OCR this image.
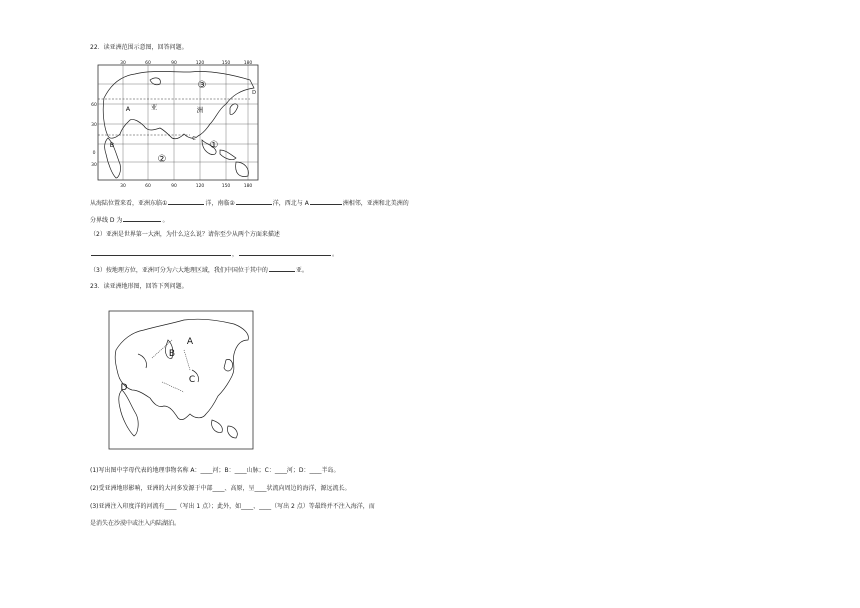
22．读亚洲范围示意图，回答问题。
30	60	90	120	150	180
30	60	90	120	150	180
60
30
0
30
A
B
亚	洲
D
C
①
②
③
从海陆位置来看，亚洲东临①	洋，南临②	洋，西北与 A	洲相邻，亚洲和北美洲的
分界线 D 为	。
（2）亚洲是世界第一大洲，为什么这么说？请你至少从两个方面来描述
，	。
（3）按地理方位，亚洲可分为六大地理区域，我们中国位于其中的	亚。
23．读亚洲地形图，回答下列问题。
A
B
C
D
(1)写出图中字母代表的地理事物名称 A：____河；B：____山脉；C：____河；D：____半岛。
(2)受亚洲地形影响，亚洲的大河多发源于中部____、高原，呈____状流向周边的海洋，源远流长。
(3)亚洲注入印度洋的河流有____（写出 1 点）；此外，如____、____（写出 2 点）等最终并不注入海洋，而
是消失在沙漠中或注入内陆湖泊。
